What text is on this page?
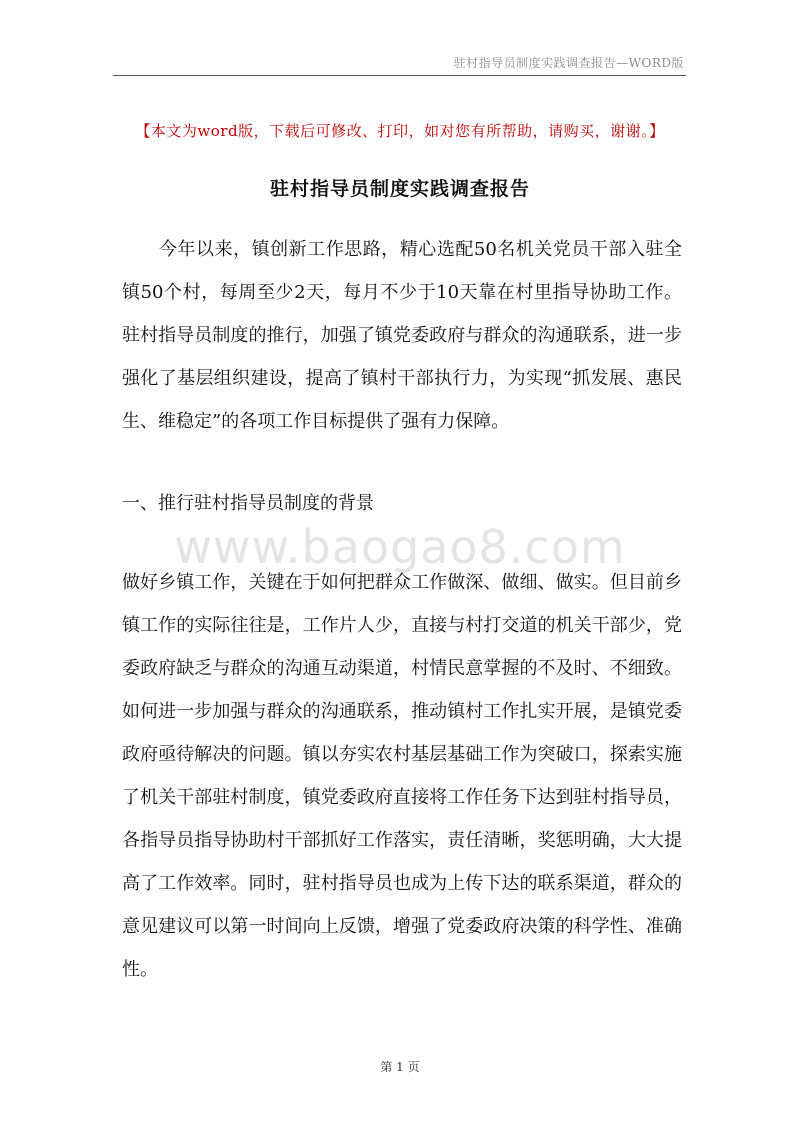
驻村指导员制度实践调查报告—WORD版
【本文为word版，下载后可修改、打印，如对您有所帮助，请购买，谢谢。】
驻村指导员制度实践调查报告
今年以来，镇创新工作思路，精心选配50名机关党员干部入驻全镇50个村，每周至少2天，每月不少于10天靠在村里指导协助工作。驻村指导员制度的推行，加强了镇党委政府与群众的沟通联系，进一步强化了基层组织建设，提高了镇村干部执行力，为实现“抓发展、惠民生、维稳定”的各项工作目标提供了强有力保障。
一、推行驻村指导员制度的背景
www.baogao8.com
做好乡镇工作，关键在于如何把群众工作做深、做细、做实。但目前乡镇工作的实际往往是，工作片人少，直接与村打交道的机关干部少，党委政府缺乏与群众的沟通互动渠道，村情民意掌握的不及时、不细致。如何进一步加强与群众的沟通联系，推动镇村工作扎实开展，是镇党委政府亟待解决的问题。镇以夯实农村基层基础工作为突破口，探索实施了机关干部驻村制度，镇党委政府直接将工作任务下达到驻村指导员，各指导员指导协助村干部抓好工作落实，责任清晰，奖惩明确，大大提高了工作效率。同时，驻村指导员也成为上传下达的联系渠道，群众的意见建议可以第一时间向上反馈，增强了党委政府决策的科学性、准确性。
第 1 页
